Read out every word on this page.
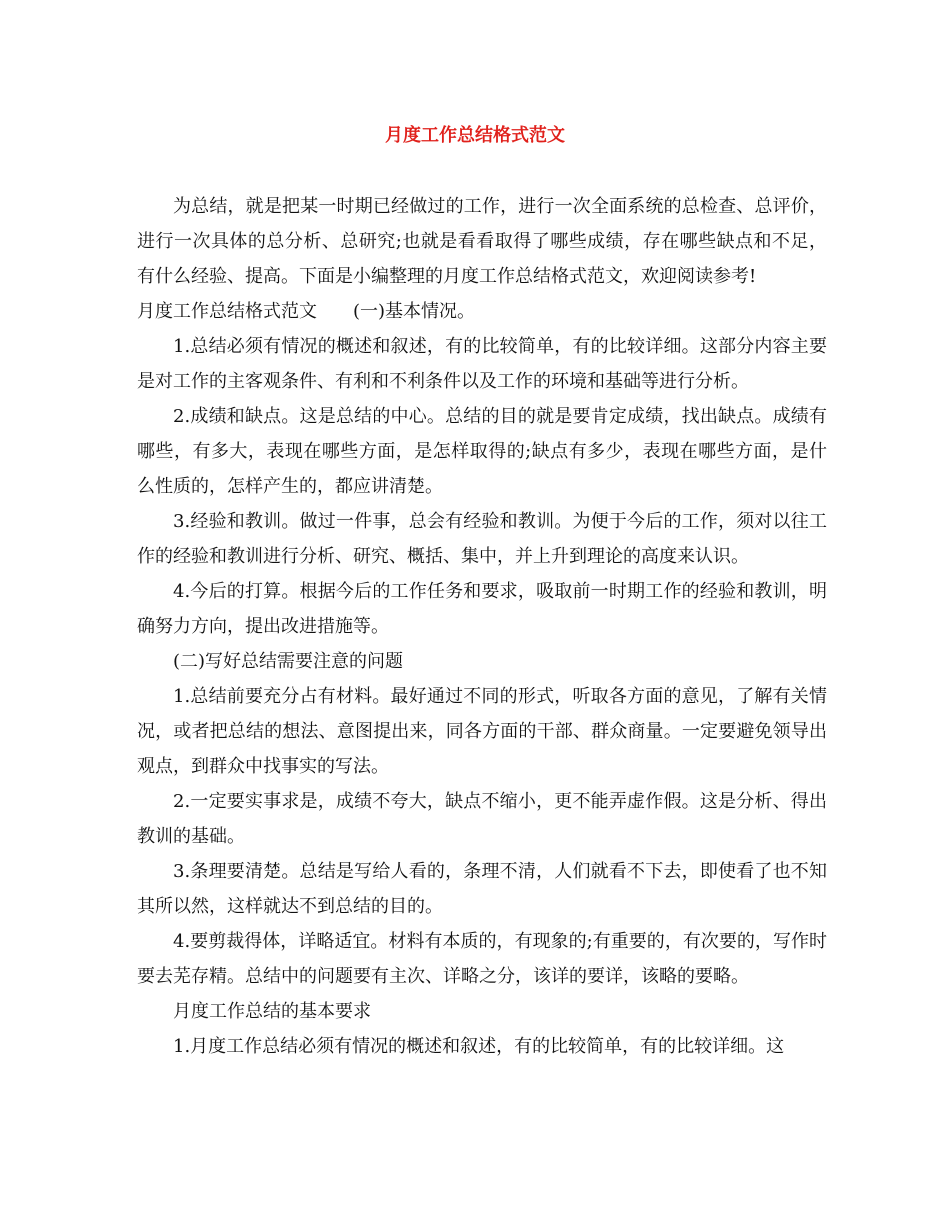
月度工作总结格式范文

为总结，就是把某一时期已经做过的工作，进行一次全面系统的总检查、总评价，进行一次具体的总分析、总研究;也就是看看取得了哪些成绩，存在哪些缺点和不足，有什么经验、提高。下面是小编整理的月度工作总结格式范文，欢迎阅读参考!

月度工作总结格式范文　　(一)基本情况。

1.总结必须有情况的概述和叙述，有的比较简单，有的比较详细。这部分内容主要是对工作的主客观条件、有利和不利条件以及工作的环境和基础等进行分析。

2.成绩和缺点。这是总结的中心。总结的目的就是要肯定成绩，找出缺点。成绩有哪些，有多大，表现在哪些方面，是怎样取得的;缺点有多少，表现在哪些方面，是什么性质的，怎样产生的，都应讲清楚。

3.经验和教训。做过一件事，总会有经验和教训。为便于今后的工作，须对以往工作的经验和教训进行分析、研究、概括、集中，并上升到理论的高度来认识。

4.今后的打算。根据今后的工作任务和要求，吸取前一时期工作的经验和教训，明确努力方向，提出改进措施等。

(二)写好总结需要注意的问题

1.总结前要充分占有材料。最好通过不同的形式，听取各方面的意见，了解有关情况，或者把总结的想法、意图提出来，同各方面的干部、群众商量。一定要避免领导出观点，到群众中找事实的写法。

2.一定要实事求是，成绩不夸大，缺点不缩小，更不能弄虚作假。这是分析、得出教训的基础。

3.条理要清楚。总结是写给人看的，条理不清，人们就看不下去，即使看了也不知其所以然，这样就达不到总结的目的。

4.要剪裁得体，详略适宜。材料有本质的，有现象的;有重要的，有次要的，写作时要去芜存精。总结中的问题要有主次、详略之分，该详的要详，该略的要略。

月度工作总结的基本要求

1.月度工作总结必须有情况的概述和叙述，有的比较简单，有的比较详细。这
